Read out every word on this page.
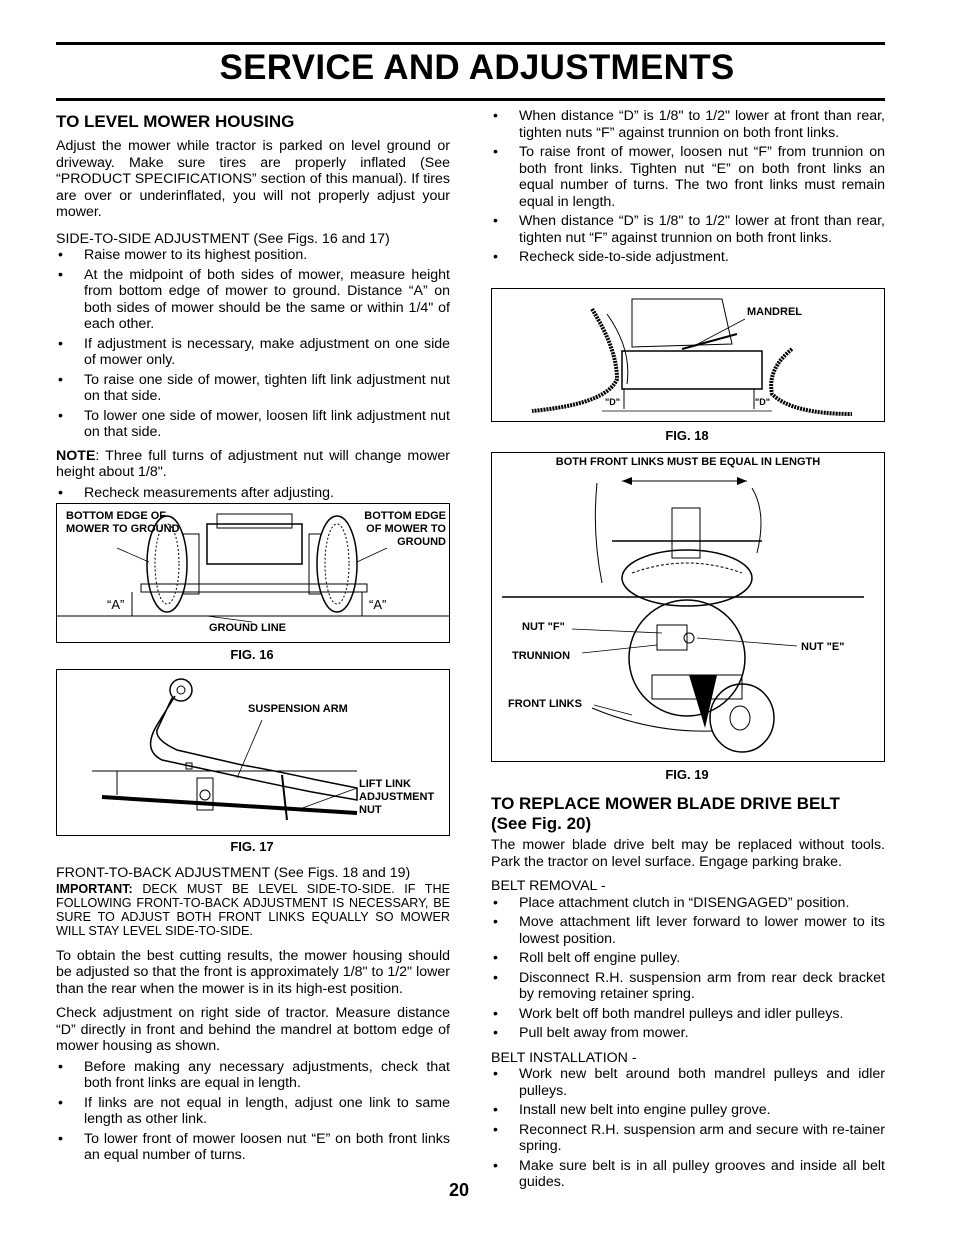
SERVICE AND ADJUSTMENTS
TO LEVEL MOWER HOUSING

Adjust the mower while tractor is parked on level ground or driveway. Make sure tires are properly inflated (See “PRODUCT SPECIFICATIONS” section of this manual). If tires are over or underinflated, you will not properly adjust your mower.

SIDE-TO-SIDE ADJUSTMENT (See Figs. 16 and 17)

• Raise mower to its highest position.
• At the midpoint of both sides of mower, measure height from bottom edge of mower to ground. Distance “A” on both sides of mower should be the same or within 1/4" of each other.
• If adjustment is necessary, make adjustment on one side of mower only.
• To raise one side of mower, tighten lift link adjustment nut on that side.
• To lower one side of mower, loosen lift link adjustment nut on that side.

NOTE: Three full turns of adjustment nut will change mower height about 1/8".

• Recheck measurements after adjusting.
BOTTOM EDGE OF MOWER TO GROUND
BOTTOM EDGE OF MOWER TO GROUND
“A”	“A”
GROUND LINE
FIG. 16
SUSPENSION ARM
LIFT LINK ADJUSTMENT NUT
FIG. 17

FRONT-TO-BACK ADJUSTMENT (See Figs. 18 and 19)

IMPORTANT: DECK MUST BE LEVEL SIDE-TO-SIDE. IF THE FOLLOWING FRONT-TO-BACK ADJUSTMENT IS NECESSARY, BE SURE TO ADJUST BOTH FRONT LINKS EQUALLY SO MOWER WILL STAY LEVEL SIDE-TO-SIDE.

To obtain the best cutting results, the mower housing should be adjusted so that the front is approximately 1/8" to 1/2" lower than the rear when the mower is in its high-est position.

Check adjustment on right side of tractor. Measure distance “D” directly in front and behind the mandrel at bottom edge of mower housing as shown.

• Before making any necessary adjustments, check that both front links are equal in length.
• If links are not equal in length, adjust one link to same length as other link.
• To lower front of mower loosen nut “E” on both front links an equal number of turns.
• When distance “D” is 1/8" to 1/2" lower at front than rear, tighten nuts “F” against trunnion on both front links.
• To raise front of mower, loosen nut “F” from trunnion on both front links. Tighten nut “E” on both front links an equal number of turns. The two front links must remain equal in length.
• When distance “D” is 1/8" to 1/2" lower at front than rear, tighten nut “F” against trunnion on both front links.
• Recheck side-to-side adjustment.
MANDREL
"D"	"D"
FIG. 18
BOTH FRONT LINKS MUST BE EQUAL IN LENGTH
NUT "F"
TRUNNION
FRONT LINKS
NUT "E"
FIG. 19
TO REPLACE MOWER BLADE DRIVE BELT
(See Fig. 20)

The mower blade drive belt may be replaced without tools. Park the tractor on level surface. Engage parking brake.

BELT REMOVAL -

• Place attachment clutch in “DISENGAGED” position.
• Move attachment lift lever forward to lower mower to its lowest position.
• Roll belt off engine pulley.
• Disconnect R.H. suspension arm from rear deck bracket by removing retainer spring.
• Work belt off both mandrel pulleys and idler pulleys.
• Pull belt away from mower.

BELT INSTALLATION -

• Work new belt around both mandrel pulleys and idler pulleys.
• Install new belt into engine pulley grove.
• Reconnect R.H. suspension arm and secure with re-tainer spring.
• Make sure belt is in all pulley grooves and inside all belt guides.
20
